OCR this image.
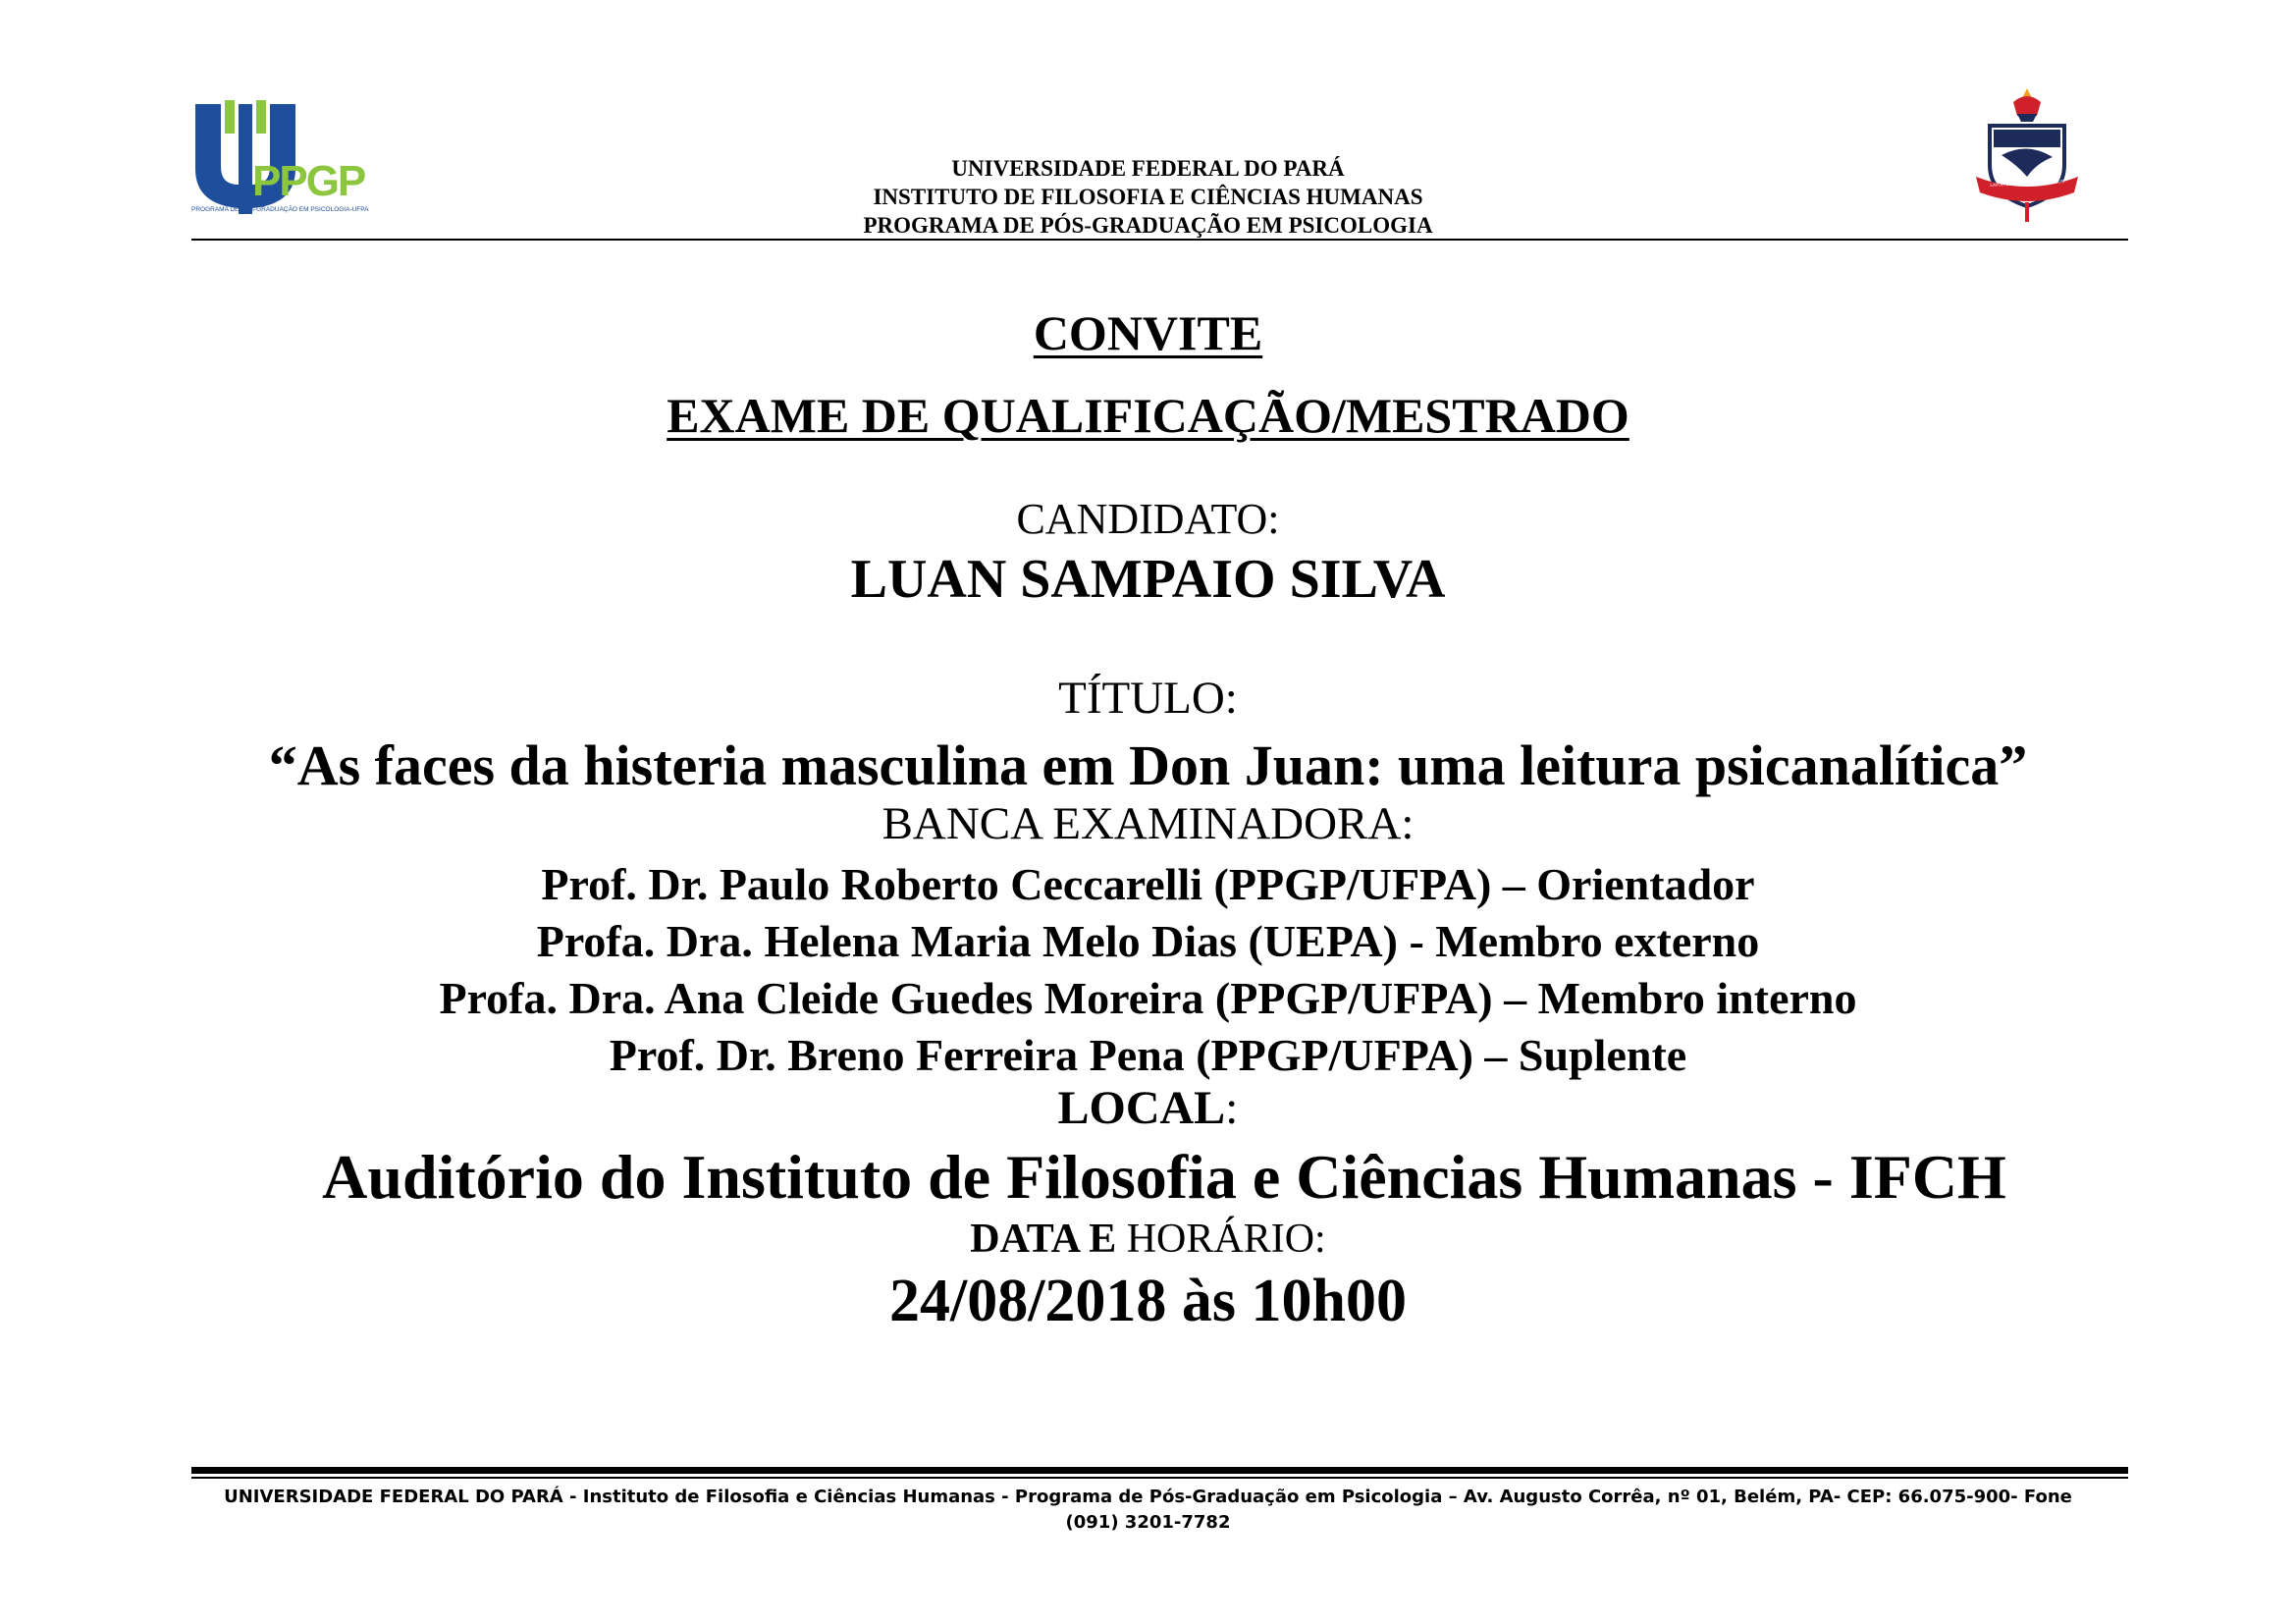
PPGP
PROGRAMA DE PÓS-GRADUAÇÃO EM PSICOLOGIA-UFPA
LAVOR DE JUNIOR TRANSVERSUS
UNIVERSIDADE FEDERAL DO PARÁ
INSTITUTO DE FILOSOFIA E CIÊNCIAS HUMANAS
PROGRAMA DE PÓS-GRADUAÇÃO EM PSICOLOGIA
CONVITE
EXAME DE QUALIFICAÇÃO/MESTRADO
CANDIDATO:
LUAN SAMPAIO SILVA
TÍTULO:
“As faces da histeria masculina em Don Juan: uma leitura psicanalítica”
BANCA EXAMINADORA:
Prof. Dr. Paulo Roberto Ceccarelli (PPGP/UFPA) – Orientador
Profa. Dra. Helena Maria Melo Dias (UEPA) - Membro externo
Profa. Dra. Ana Cleide Guedes Moreira (PPGP/UFPA) – Membro interno
Prof. Dr. Breno Ferreira Pena (PPGP/UFPA) – Suplente
LOCAL:
Auditório do Instituto de Filosofia e Ciências Humanas - IFCH
DATA E HORÁRIO:
24/08/2018 às 10h00
UNIVERSIDADE FEDERAL DO PARÁ - Instituto de Filosofia e Ciências Humanas - Programa de Pós-Graduação em Psicologia – Av. Augusto Corrêa, nº 01, Belém, PA- CEP: 66.075-900- Fone
(091) 3201-7782
